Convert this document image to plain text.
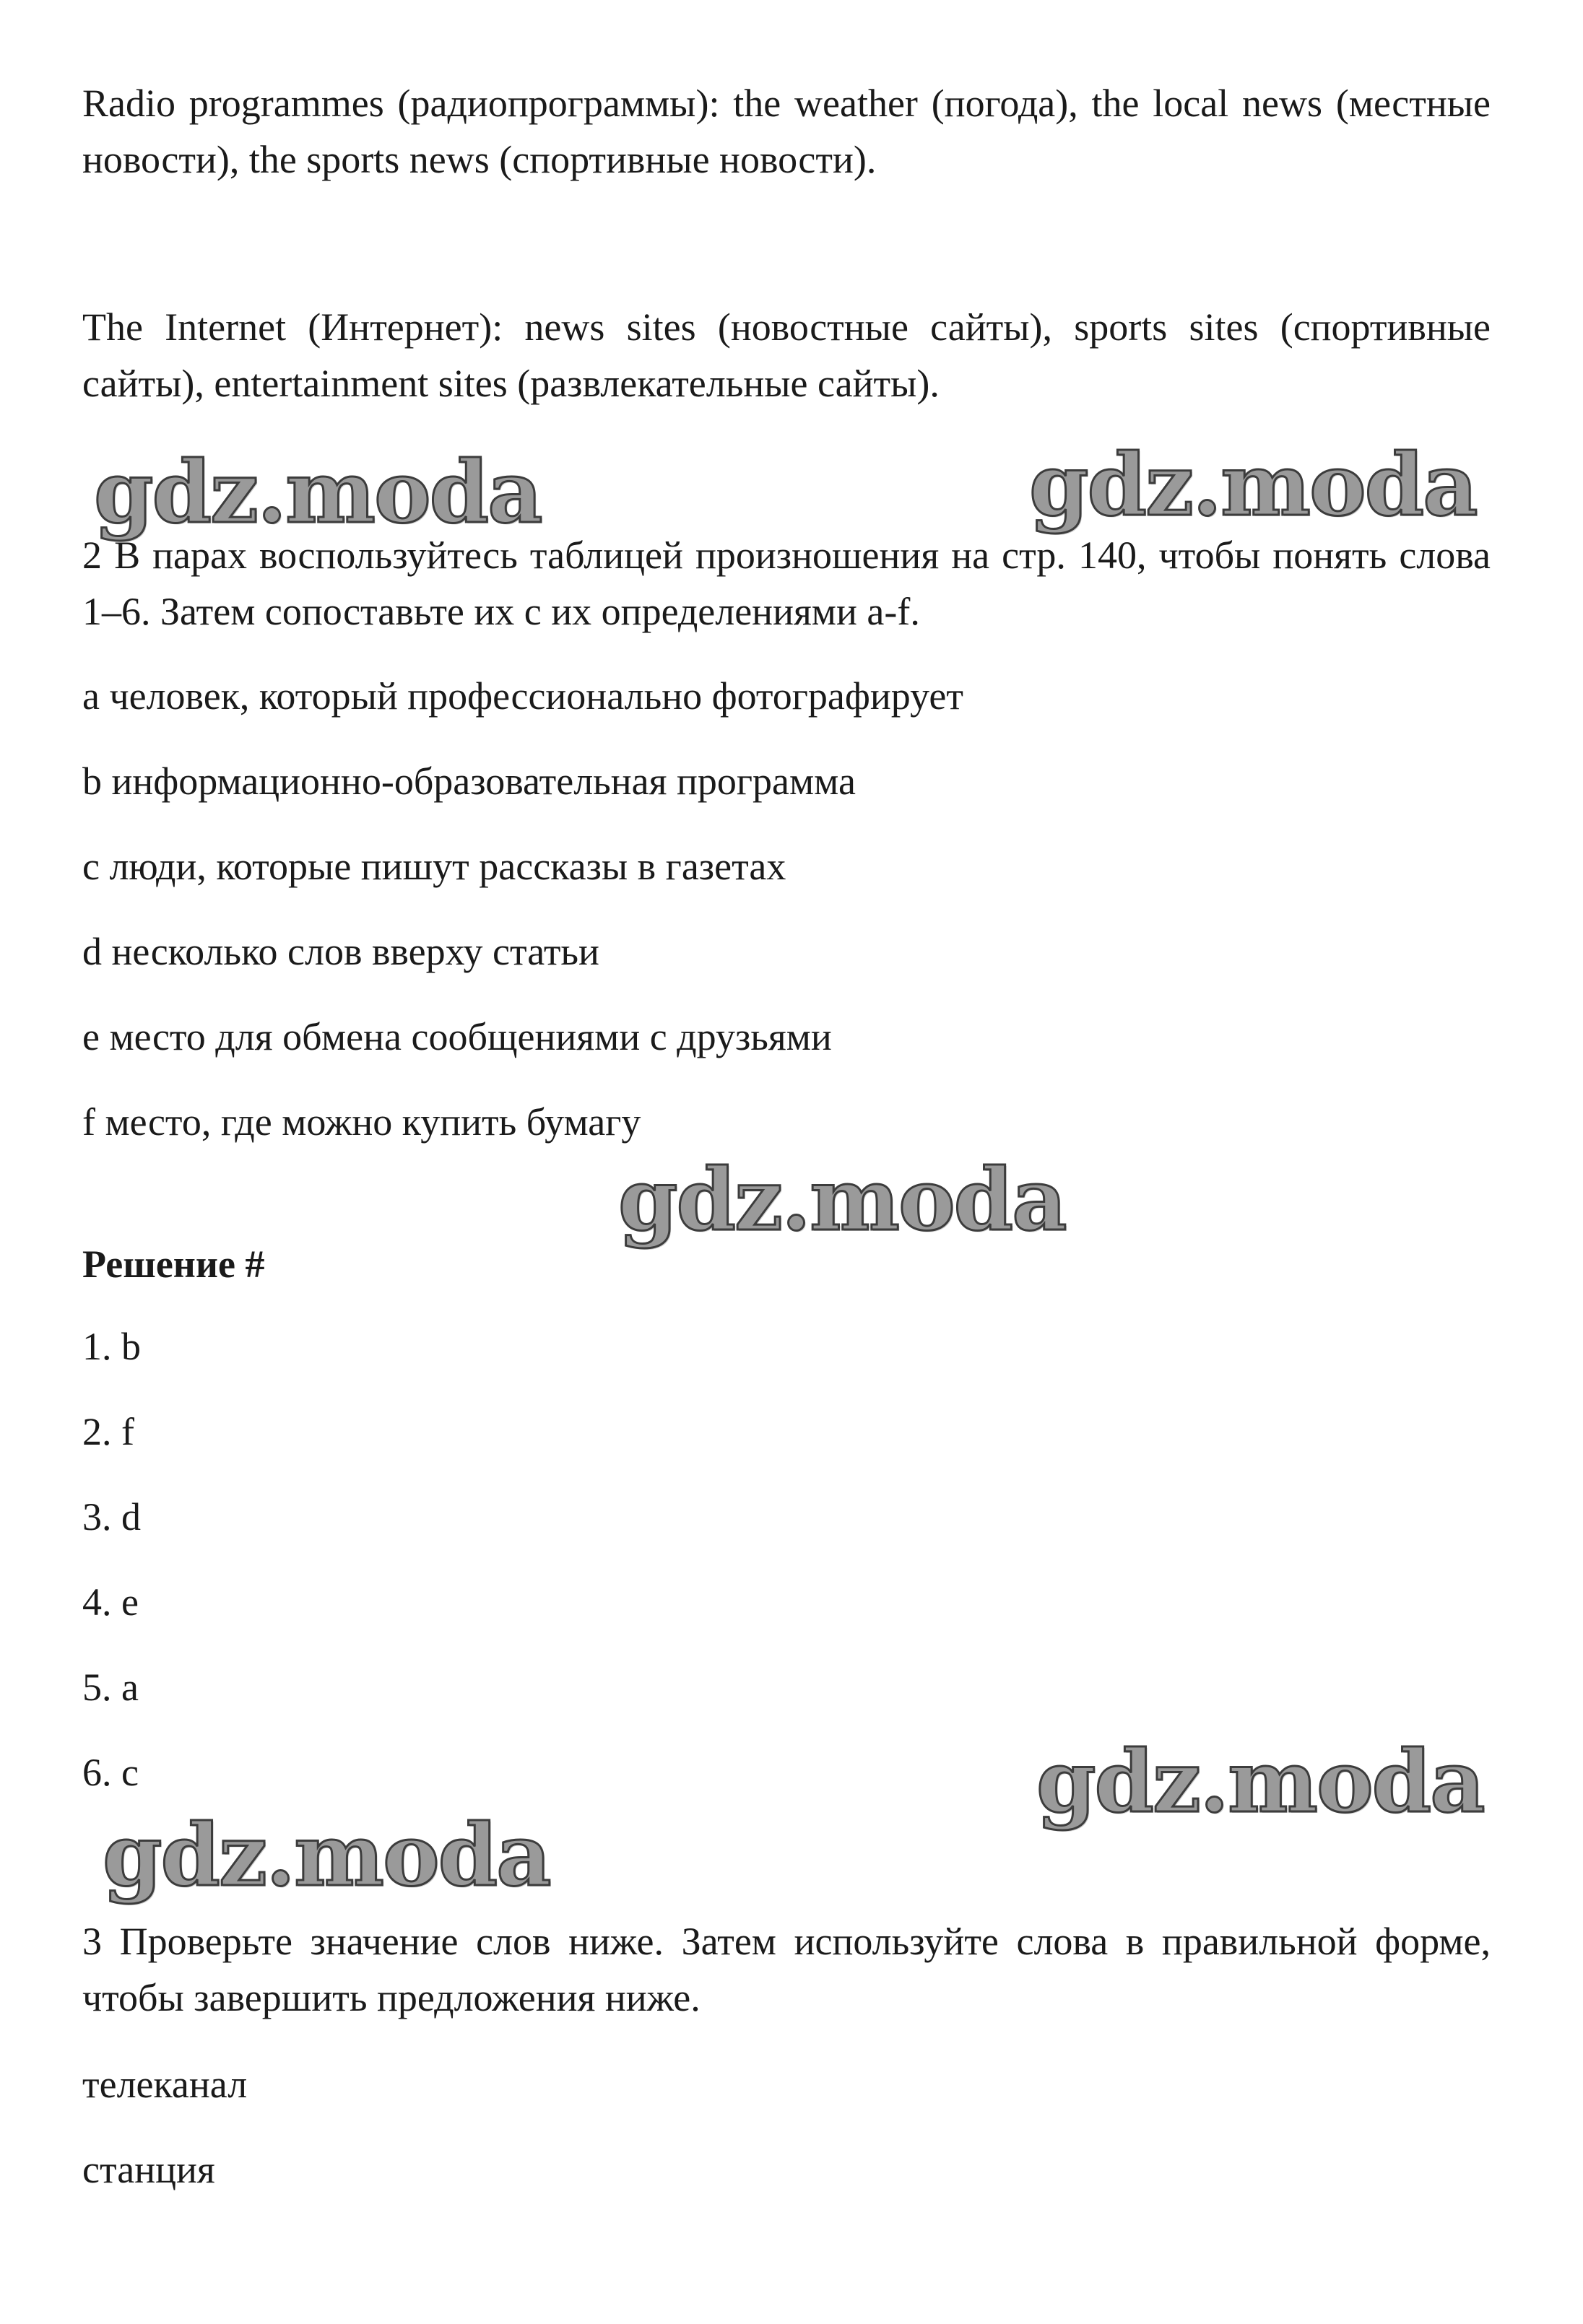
Radio programmes (радиопрограммы): the weather (погода), the local news (местные новости), the sports news (спортивные новости).

The Internet (Интернет): news sites (новостные сайты), sports sites (спортивные сайты), entertainment sites (развлекательные сайты).

gdz.moda	gdz.moda

2 В парах воспользуйтесь таблицей произношения на стр. 140, чтобы понять слова 1–6. Затем сопоставьте их с их определениями a-f.

a человек, который профессионально фотографирует

b информационно-образовательная программа

c люди, которые пишут рассказы в газетах

d несколько слов вверху статьи

e место для обмена сообщениями с друзьями

f место, где можно купить бумагу

gdz.moda

Решение #

1. b

2. f

3. d

4. e

5. a

6. c	gdz.moda
gdz.moda

3 Проверьте значение слов ниже. Затем используйте слова в правильной форме, чтобы завершить предложения ниже.

телеканал

станция
